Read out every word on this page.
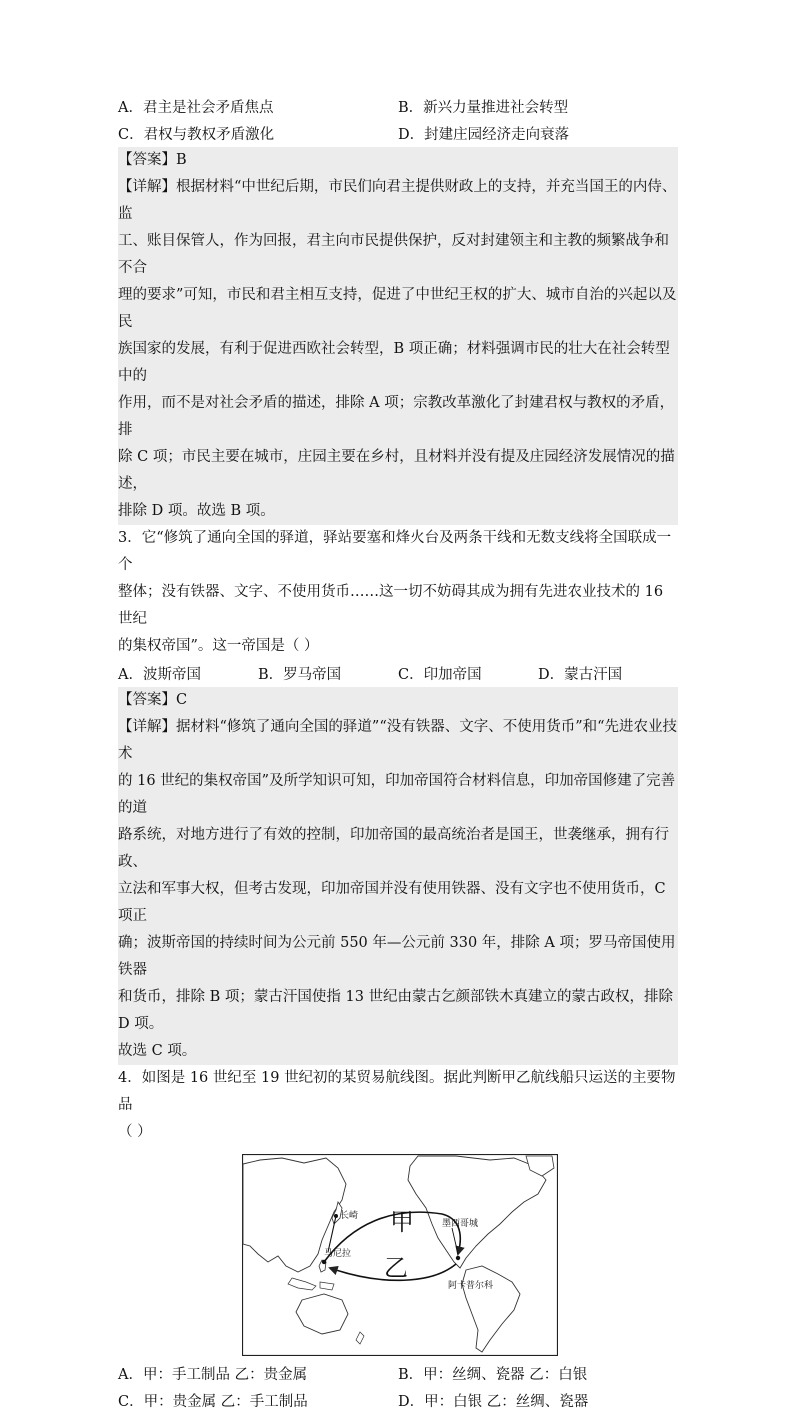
A．君主是社会矛盾焦点	B．新兴力量推进社会转型
C．君权与教权矛盾激化	D．封建庄园经济走向衰落

【答案】B

【详解】根据材料“中世纪后期，市民们向君主提供财政上的支持，并充当国王的内侍、监

工、账目保管人，作为回报，君主向市民提供保护，反对封建领主和主教的频繁战争和不合

理的要求”可知，市民和君主相互支持，促进了中世纪王权的扩大、城市自治的兴起以及民

族国家的发展，有利于促进西欧社会转型，B 项正确；材料强调市民的壮大在社会转型中的

作用，而不是对社会矛盾的描述，排除 A 项；宗教改革激化了封建君权与教权的矛盾，排

除 C 项；市民主要在城市，庄园主要在乡村，且材料并没有提及庄园经济发展情况的描述，

排除 D 项。故选 B 项。

3．它“修筑了通向全国的驿道，驿站要塞和烽火台及两条干线和无数支线将全国联成一个

整体；没有铁器、文字、不使用货币……这一切不妨碍其成为拥有先进农业技术的 16 世纪

的集权帝国”。这一帝国是（ ）

A．波斯帝国	B．罗马帝国	C．印加帝国	D．蒙古汗国

【答案】C

【详解】据材料“修筑了通向全国的驿道”“没有铁器、文字、不使用货币”和“先进农业技术

的 16 世纪的集权帝国”及所学知识可知，印加帝国符合材料信息，印加帝国修建了完善的道

路系统，对地方进行了有效的控制，印加帝国的最高统治者是国王，世袭继承，拥有行政、

立法和军事大权，但考古发现，印加帝国并没有使用铁器、没有文字也不使用货币，C 项正

确；波斯帝国的持续时间为公元前 550 年—公元前 330 年，排除 A 项；罗马帝国使用铁器

和货币，排除 B 项；蒙古汗国使指 13 世纪由蒙古乞颜部铁木真建立的蒙古政权，排除 D 项。

故选 C 项。

4．如图是 16 世纪至 19 世纪初的某贸易航线图。据此判断甲乙航线船只运送的主要物品

（ ）

甲
乙
长崎
马尼拉
墨西哥城
阿卡普尔科
A．甲：手工制品 乙：贵金属	B．甲：丝绸、瓷器 乙：白银
C．甲：贵金属 乙：手工制品	D．甲：白银 乙：丝绸、瓷器
